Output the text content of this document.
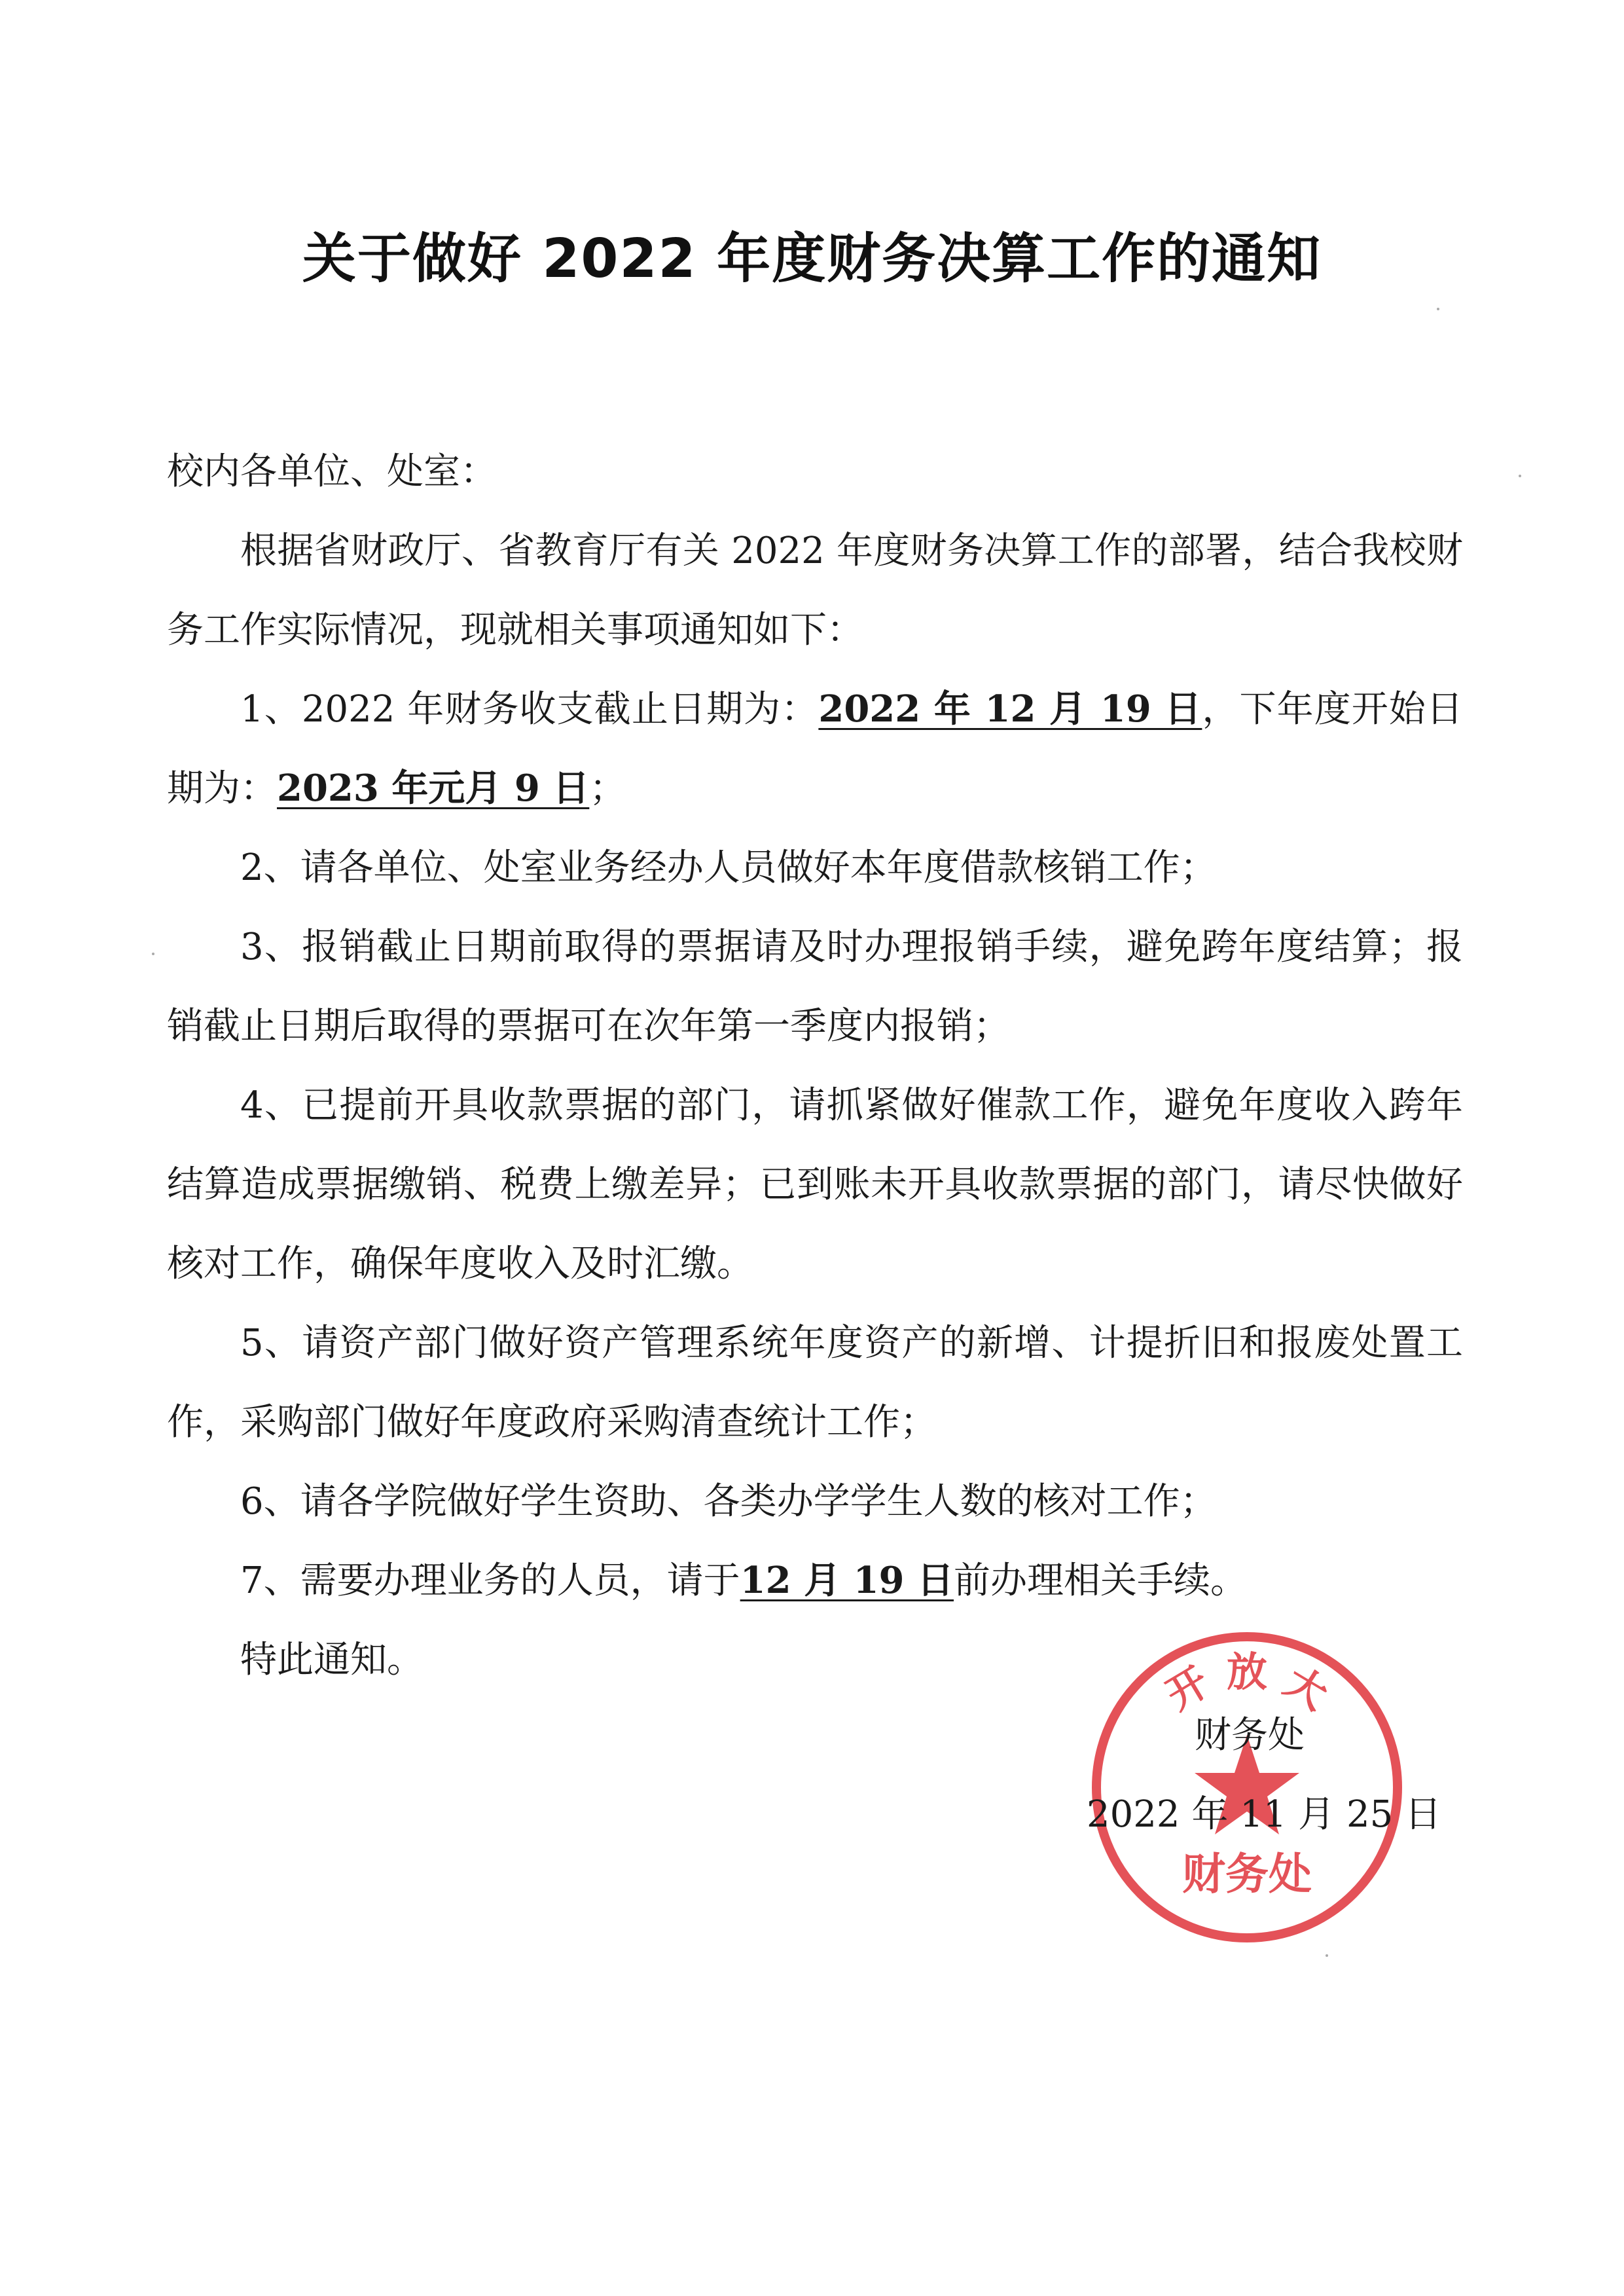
关于做好 2022 年度财务决算工作的通知

校内各单位、处室：

根据省财政厅、省教育厅有关 2022 年度财务决算工作的部署，结合我校财务工作实际情况，现就相关事项通知如下：

1、2022 年财务收支截止日期为：2022 年 12 月 19 日，下年度开始日期为：2023 年元月 9 日；

2、请各单位、处室业务经办人员做好本年度借款核销工作；

3、报销截止日期前取得的票据请及时办理报销手续，避免跨年度结算；报销截止日期后取得的票据可在次年第一季度内报销；

4、已提前开具收款票据的部门，请抓紧做好催款工作，避免年度收入跨年结算造成票据缴销、税费上缴差异；已到账未开具收款票据的部门，请尽快做好核对工作，确保年度收入及时汇缴。

5、请资产部门做好资产管理系统年度资产的新增、计提折旧和报废处置工作，采购部门做好年度政府采购清查统计工作；

6、请各学院做好学生资助、各类办学学生人数的核对工作；

7、需要办理业务的人员，请于12 月 19 日前办理相关手续。

特此通知。	开 放 大
财务处
财务处
2022 年 11 月 25 日
